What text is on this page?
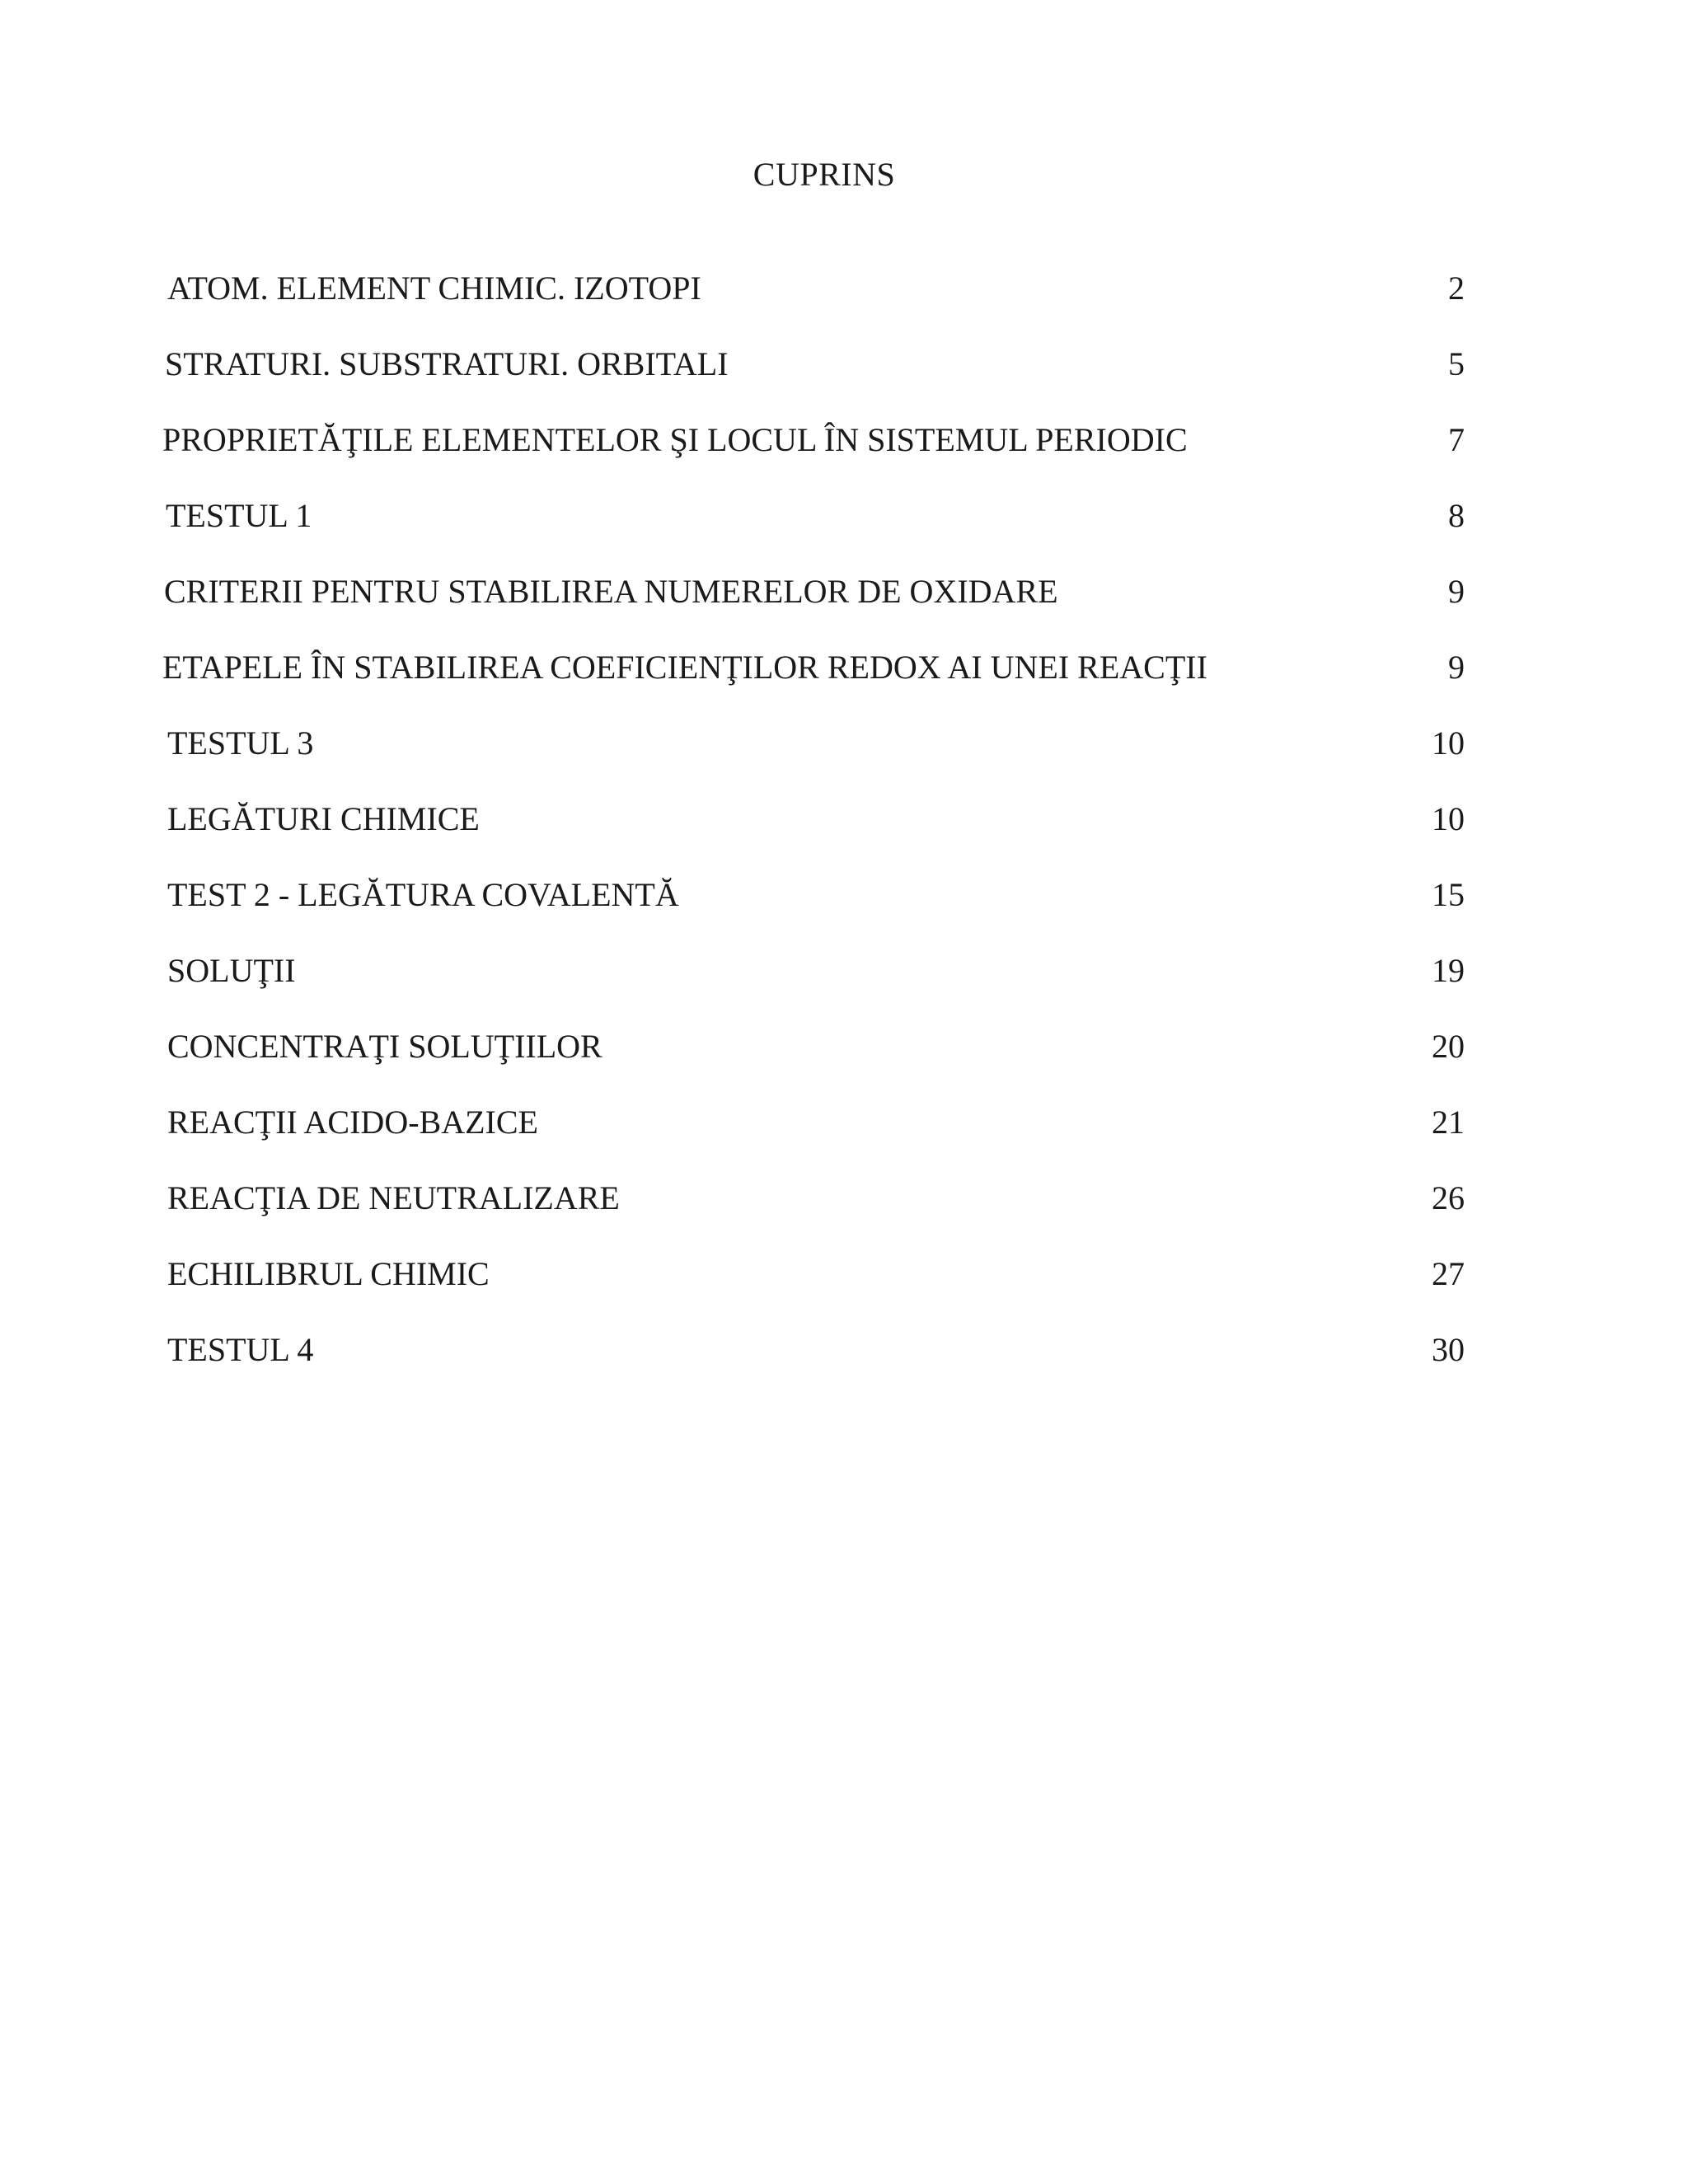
CUPRINS
ATOM. ELEMENT CHIMIC. IZOTOPI	2
STRATURI. SUBSTRATURI. ORBITALI	5
PROPRIETĂŢILE ELEMENTELOR ŞI LOCUL ÎN SISTEMUL PERIODIC	7
TESTUL 1	8
CRITERII PENTRU STABILIREA NUMERELOR DE OXIDARE	9
ETAPELE ÎN STABILIREA COEFICIENŢILOR REDOX AI UNEI REACŢII	9
TESTUL 3	10
LEGĂTURI CHIMICE	10
TEST 2 - LEGĂTURA COVALENTĂ	15
SOLUŢII	19
CONCENTRAŢI SOLUŢIILOR	20
REACŢII ACIDO-BAZICE	21
REACŢIA DE NEUTRALIZARE	26
ECHILIBRUL CHIMIC	27
TESTUL 4	30
